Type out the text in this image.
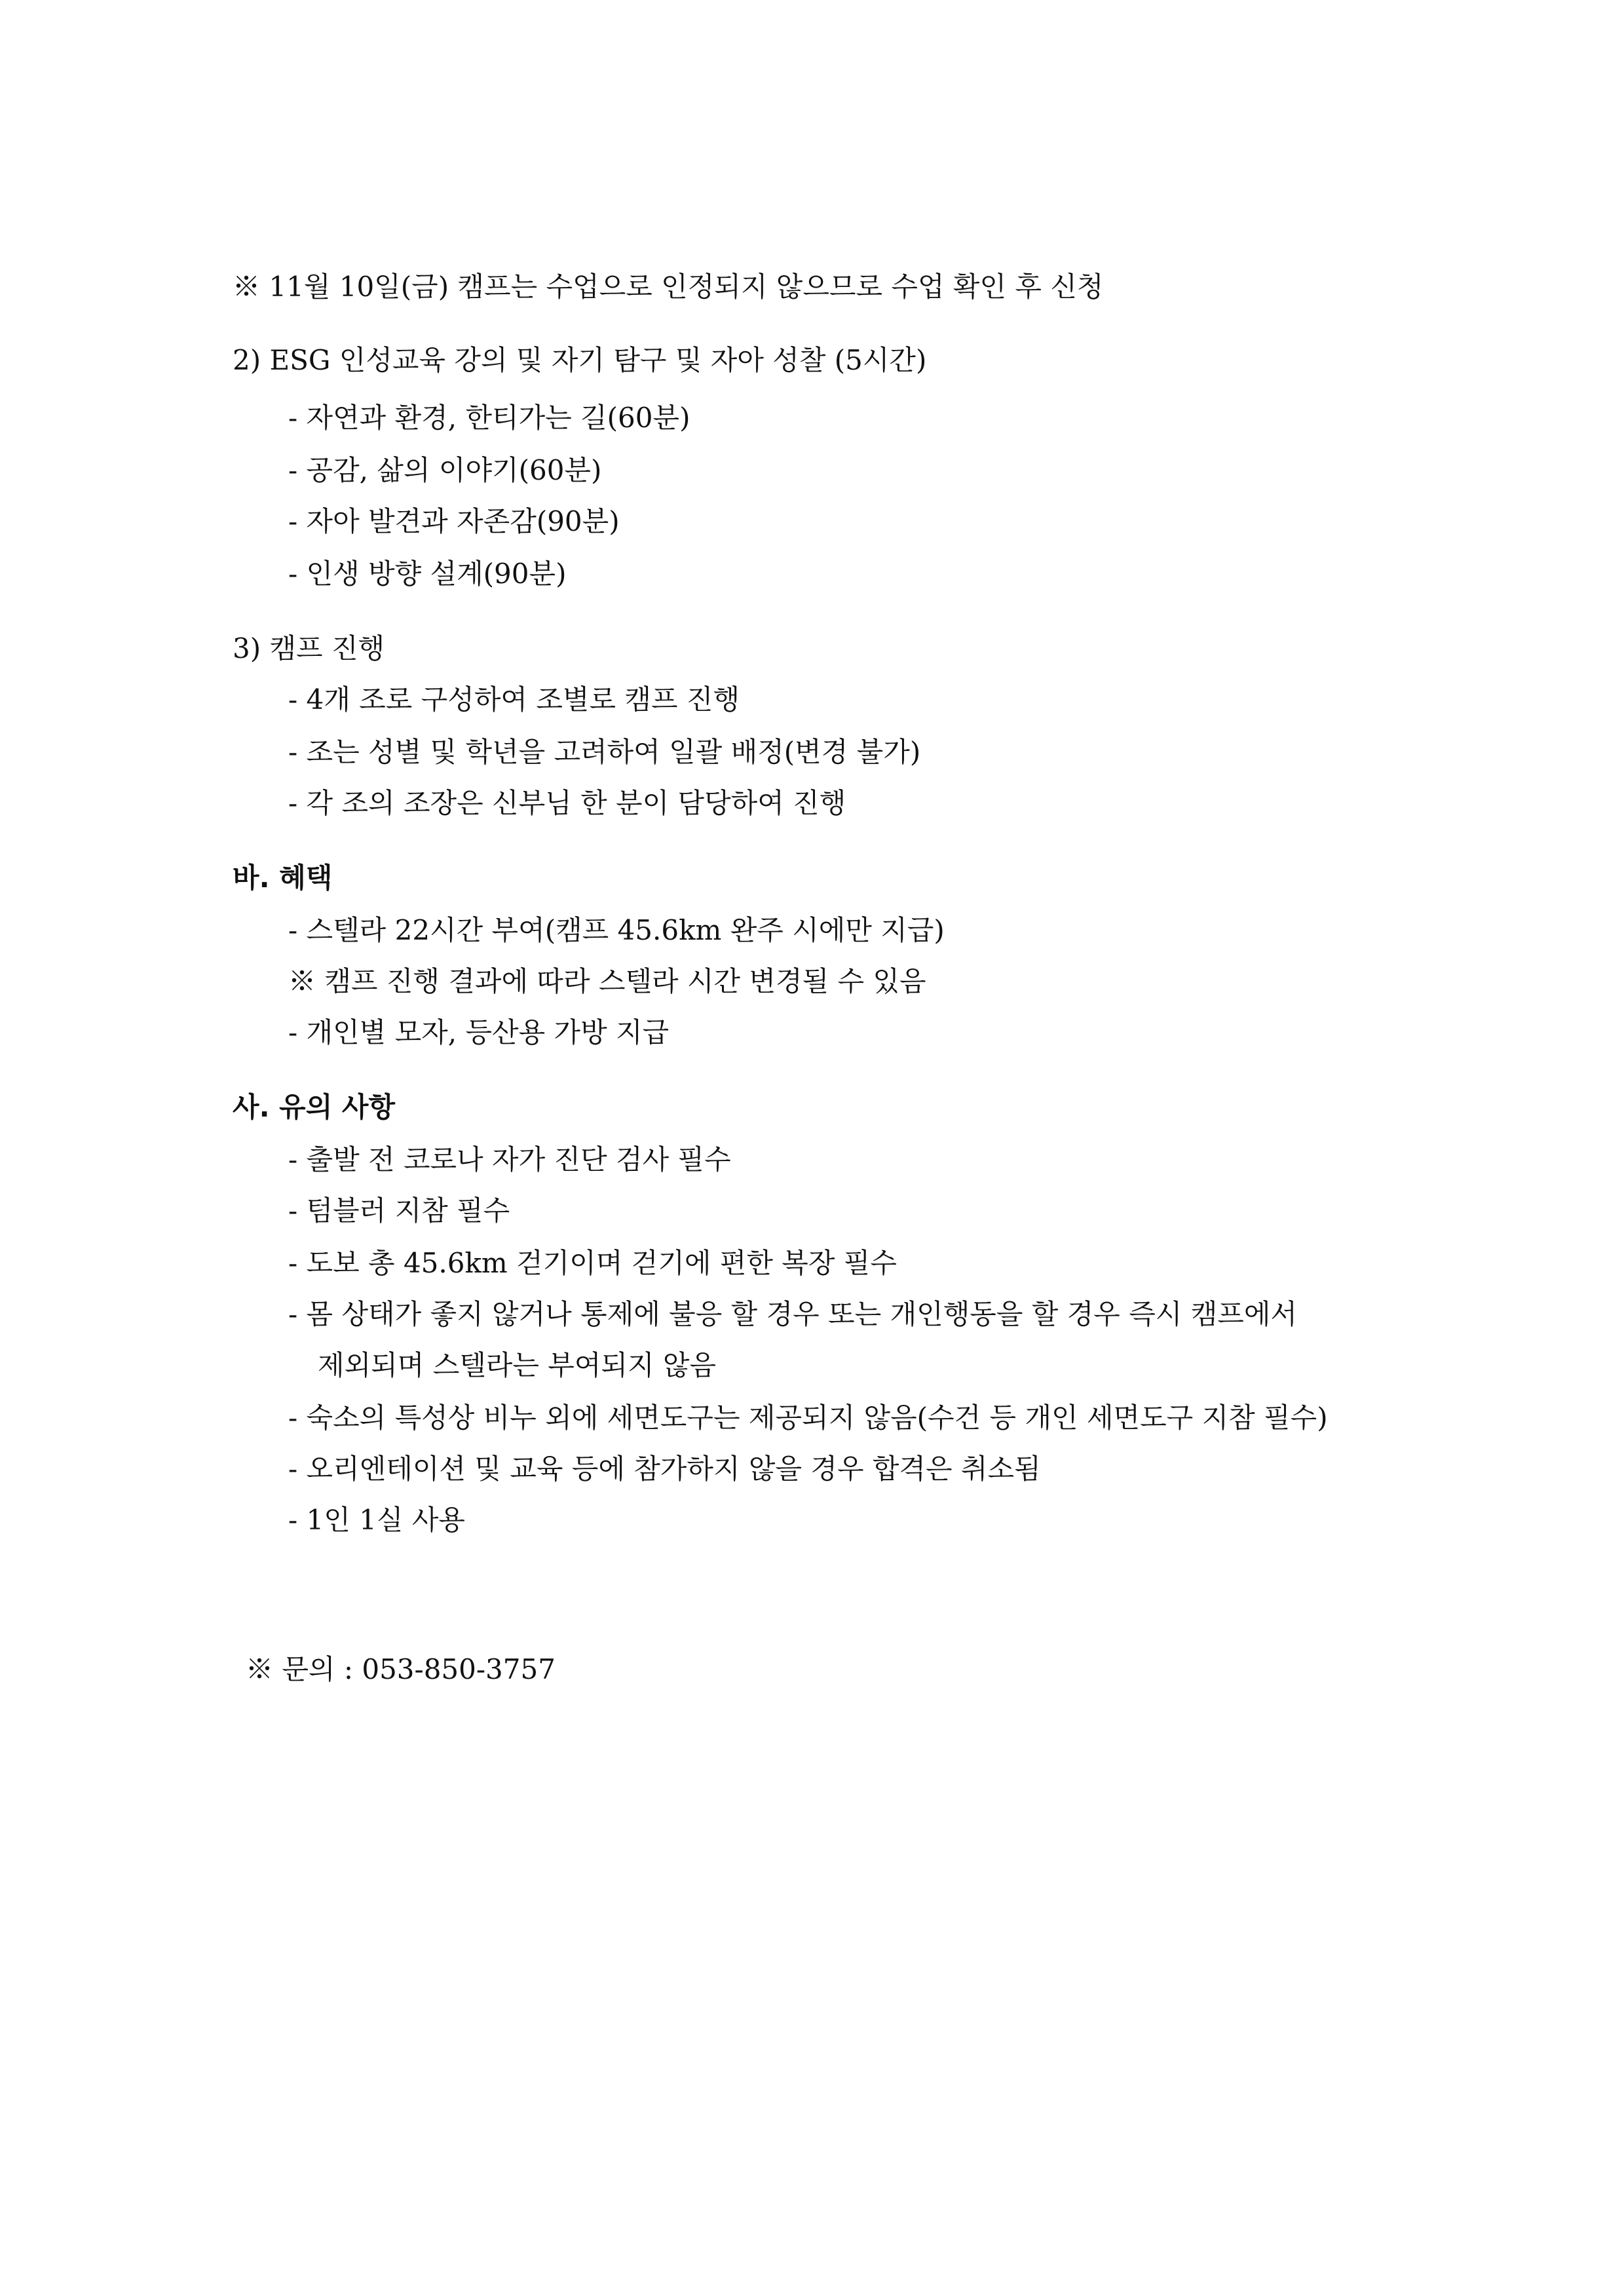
※ 11월 10일(금) 캠프는 수업으로 인정되지 않으므로 수업 확인 후 신청
2) ESG 인성교육 강의 및 자기 탐구 및 자아 성찰 (5시간)
- 자연과 환경, 한티가는 길(60분)
- 공감, 삶의 이야기(60분)
- 자아 발견과 자존감(90분)
- 인생 방향 설계(90분)
3) 캠프 진행
- 4개 조로 구성하여 조별로 캠프 진행
- 조는 성별 및 학년을 고려하여 일괄 배정(변경 불가)
- 각 조의 조장은 신부님 한 분이 담당하여 진행
바. 혜택
- 스텔라 22시간 부여(캠프 45.6km 완주 시에만 지급)
※ 캠프 진행 결과에 따라 스텔라 시간 변경될 수 있음
- 개인별 모자, 등산용 가방 지급
사. 유의 사항
- 출발 전 코로나 자가 진단 검사 필수
- 텀블러 지참 필수
- 도보 총 45.6km 걷기이며 걷기에 편한 복장 필수
- 몸 상태가 좋지 않거나 통제에 불응 할 경우 또는 개인행동을 할 경우 즉시 캠프에서
제외되며 스텔라는 부여되지 않음
- 숙소의 특성상 비누 외에 세면도구는 제공되지 않음(수건 등 개인 세면도구 지참 필수)
- 오리엔테이션 및 교육 등에 참가하지 않을 경우 합격은 취소됨
- 1인 1실 사용
※ 문의 : 053-850-3757
